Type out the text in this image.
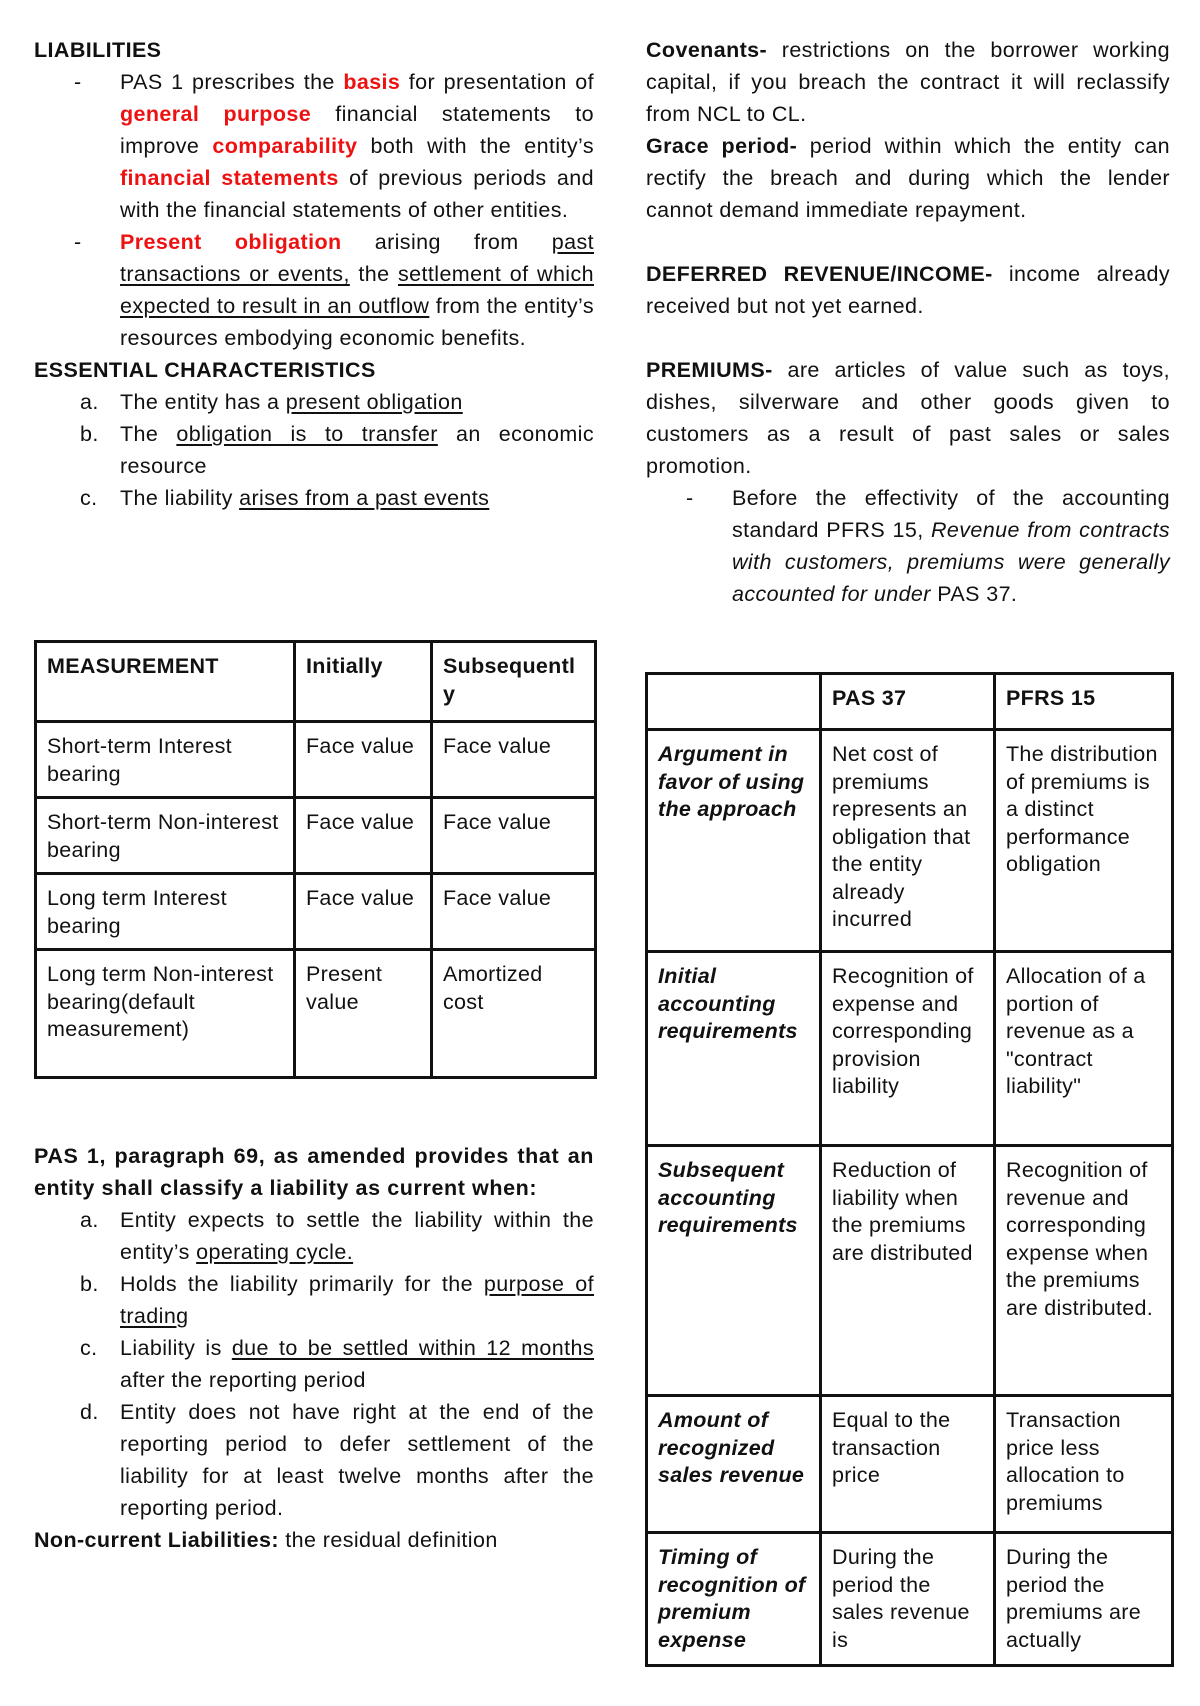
LIABILITIES
- PAS 1 prescribes the basis for presentation of general purpose financial statements to improve comparability both with the entity’s financial statements of previous periods and with the financial statements of other entities.
- Present obligation arising from past transactions or events, the settlement of which expected to result in an outflow from the entity’s resources embodying economic benefits.
ESSENTIAL CHARACTERISTICS
a. The entity has a present obligation
b. The obligation is to transfer an economic resource
c. The liability arises from a past events
MEASUREMENT	Initially	Subsequently
Short-term Interest bearing	Face value	Face value
Short-term Non-interest bearing	Face value	Face value
Long term Interest bearing	Face value	Face value
Long term Non-interest bearing(default measurement)	Present value	Amortized cost
PAS 1, paragraph 69, as amended provides that an entity shall classify a liability as current when:
a. Entity expects to settle the liability within the entity’s operating cycle.
b. Holds the liability primarily for the purpose of trading
c. Liability is due to be settled within 12 months after the reporting period
d. Entity does not have right at the end of the reporting period to defer settlement of the liability for at least twelve months after the reporting period.
Non-current Liabilities: the residual definition
Covenants- restrictions on the borrower working capital, if you breach the contract it will reclassify from NCL to CL.
Grace period- period within which the entity can rectify the breach and during which the lender cannot demand immediate repayment.
DEFERRED REVENUE/INCOME- income already received but not yet earned.
PREMIUMS- are articles of value such as toys, dishes, silverware and other goods given to customers as a result of past sales or sales promotion.
- Before the effectivity of the accounting standard PFRS 15, Revenue from contracts with customers, premiums were generally accounted for under PAS 37.
	PAS 37	PFRS 15
Argument in favor of using the approach	Net cost of premiums represents an obligation that the entity already incurred	The distribution of premiums is a distinct performance obligation
Initial accounting requirements	Recognition of expense and corresponding provision liability	Allocation of a portion of revenue as a "contract liability"
Subsequent accounting requirements	Reduction of liability when the premiums are distributed	Recognition of revenue and corresponding expense when the premiums are distributed.
Amount of recognized sales revenue	Equal to the transaction price	Transaction price less allocation to premiums
Timing of recognition of premium expense	During the period the sales revenue is	During the period the premiums are actually
